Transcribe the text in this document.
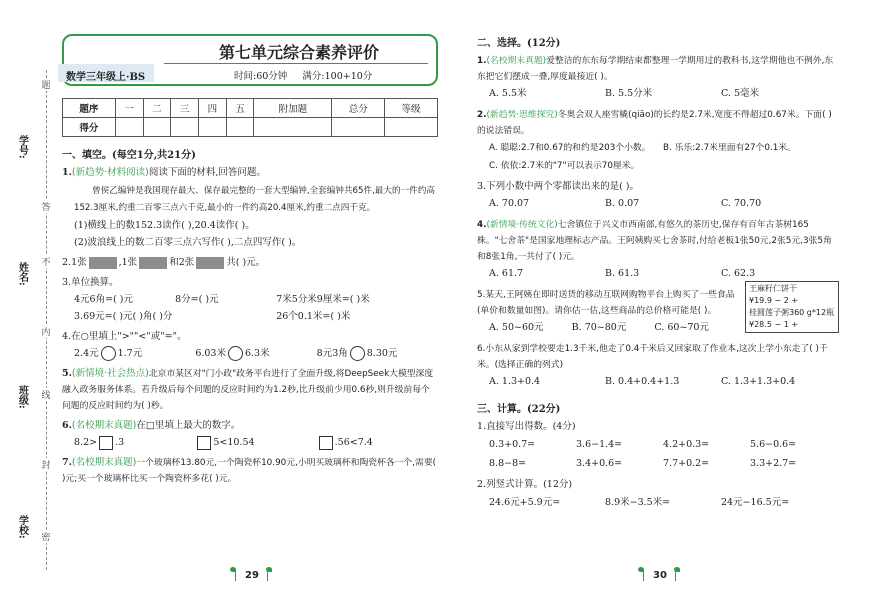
学校:
班级:
姓名:
学号:
题
不
内
线
封
密
答
第七单元综合素养评价
数学三年级上·BS	时间:60分钟 满分:100+10分
题序	一	二	三	四	五	附加题	总分	等级
得分								
一、填空。(每空1分,共21分)
1.(新趋势·材料阅读)阅读下面的材料,回答问题。
曾侯乙编钟是我国现存最大、保存最完整的一套大型编钟,全套编钟共65件,最大的一件约高152.3厘米,约重二百零三点六千克,最小的一件约高20.4厘米,约重二点四千克。
(1)横线上的数152.3读作( ),20.4读作( )。
(2)波浪线上的数二百零三点六写作( ),二点四写作( )。
2.1张	,1张	和2张	共( )元。
3.单位换算。
4元6角=( )元	8分=( )元	7米5分米9厘米=( )米
3.69元=( )元( )角( )分	26个0.1米=( )米
4.在○里填上">""<"或"="。
2.4元 1.7元	6.03米 6.3米	8元3角 8.30元
5.(新情境·社会热点)北京市某区对"门小政"政务平台进行了全面升级,将DeepSeek大模型深度融入政务服务体系。若升级后每个问题的反应时间约为1.2秒,比升级前少用0.6秒,则升级前每个问题的反应时间约为( )秒。
6.(名校期末真题)在□里填上最大的数字。
8.2> .3	5<10.54	.56<7.4
7.(名校期末真题)一个玻璃杯13.80元,一个陶瓷杯10.90元,小明买玻璃杯和陶瓷杯各一个,需要( )元;买一个玻璃杯比买一个陶瓷杯多花( )元。
二、选择。(12分)
1.(名校期末真题)爱整洁的东东每学期结束都整理一学期用过的教科书,这学期他也不例外,东东把它们摆成一叠,厚度最接近( )。
A. 5.5米	B. 5.5分米	C. 5毫米
2.(新趋势·思维探究)冬奥会双人座雪橇(qiāo)的长约是2.7米,宽度不得超过0.67米。下面( )的说法错误。
A. 聪聪:2.7和0.67的和约是203个小数。	B. 乐乐:2.7米里面有27个0.1米。
C. 依依:2.7米的"7"可以表示70厘米。
3.下列小数中两个零都读出来的是( )。
A. 70.07	B. 0.07	C. 70.70
4.(新情境·传统文化)七舍镇位于兴义市西南部,有悠久的茶历史,保存有百年古茶树165株。"七舍茶"是国家地理标志产品。王阿姨购买七舍茶时,付给老板1张50元,2张5元,3张5角和8张1角,一共付了( )元。
A. 61.7	B. 61.3	C. 62.3
王麻籽仁饼干
¥19.9 − 2 +
桂圆莲子粥360 g*12瓶
¥28.5 − 1 +
5.某天,王阿姨在即时送货的移动互联网购物平台上购买了一些食品(单价和数量如图)。请你估一估,这些商品的总价格可能是( )。
A. 50~60元	B. 70~80元	C. 60~70元
6.小东从家到学校要走1.3千米,他走了0.4千米后又回家取了作业本,这次上学小东走了( )千米。(选择正确的列式)
A. 1.3+0.4	B. 0.4+0.4+1.3	C. 1.3+1.3+0.4
三、计算。(22分)
1.直接写出得数。(4分)
0.3+0.7=	3.6−1.4=	4.2+0.3=	5.6−0.6=
8.8−8=	3.4+0.6=	7.7+0.2=	3.3+2.7=
2.列竖式计算。(12分)
24.6元+5.9元=	8.9米−3.5米=	24元−16.5元=
29	30
